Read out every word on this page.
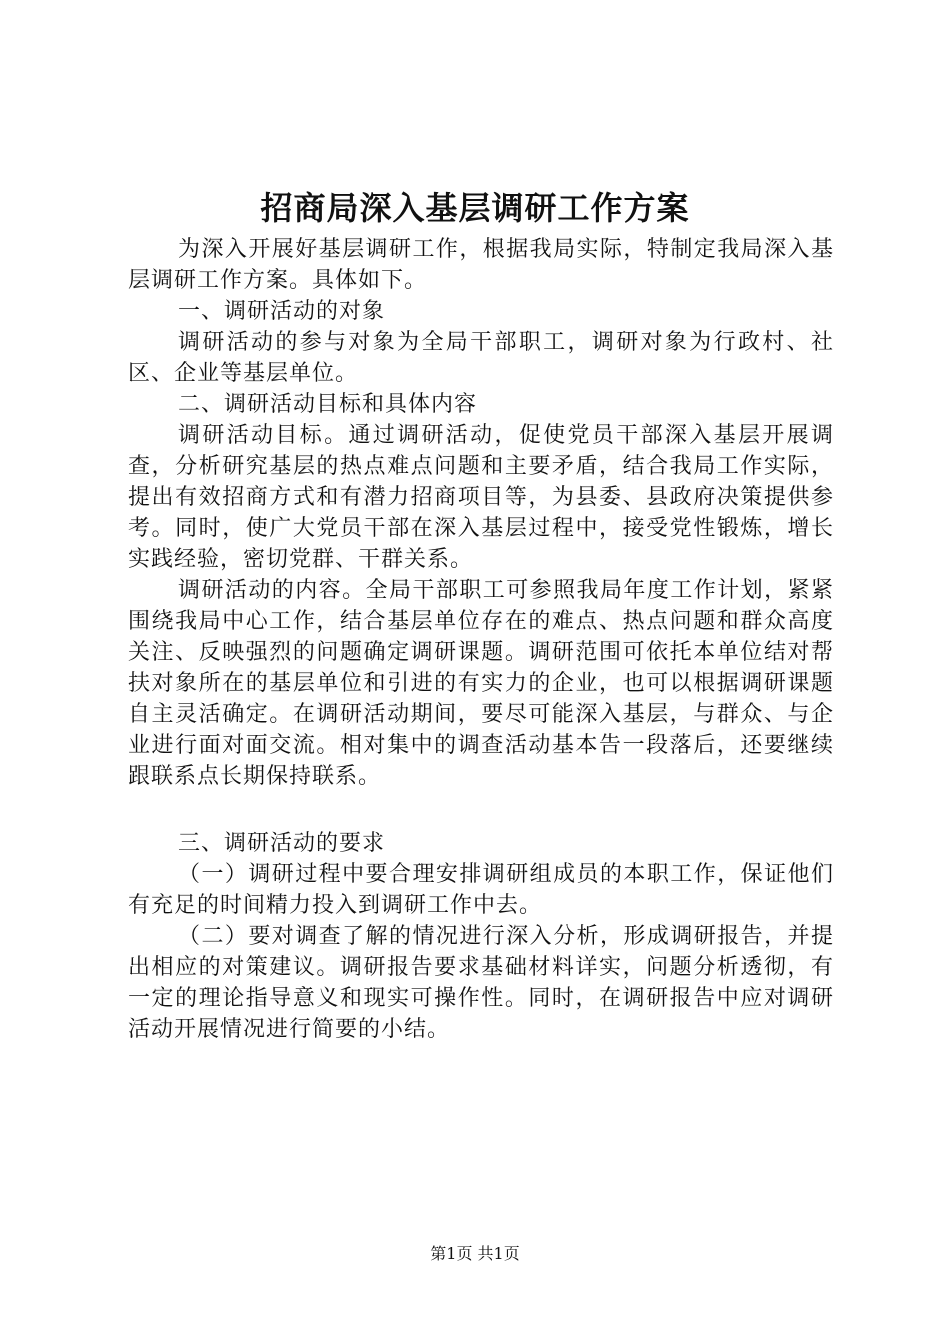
招商局深入基层调研工作方案

为深入开展好基层调研工作，根据我局实际，特制定我局深入基层调研工作方案。具体如下。

一、调研活动的对象

调研活动的参与对象为全局干部职工，调研对象为行政村、社区、企业等基层单位。

二、调研活动目标和具体内容

调研活动目标。通过调研活动，促使党员干部深入基层开展调查，分析研究基层的热点难点问题和主要矛盾，结合我局工作实际，提出有效招商方式和有潜力招商项目等，为县委、县政府决策提供参考。同时，使广大党员干部在深入基层过程中，接受党性锻炼，增长实践经验，密切党群、干群关系。

调研活动的内容。全局干部职工可参照我局年度工作计划，紧紧围绕我局中心工作，结合基层单位存在的难点、热点问题和群众高度关注、反映强烈的问题确定调研课题。调研范围可依托本单位结对帮扶对象所在的基层单位和引进的有实力的企业，也可以根据调研课题自主灵活确定。在调研活动期间，要尽可能深入基层，与群众、与企业进行面对面交流。相对集中的调查活动基本告一段落后，还要继续跟联系点长期保持联系。

三、调研活动的要求

（一）调研过程中要合理安排调研组成员的本职工作，保证他们有充足的时间精力投入到调研工作中去。

（二）要对调查了解的情况进行深入分析，形成调研报告，并提出相应的对策建议。调研报告要求基础材料详实，问题分析透彻，有一定的理论指导意义和现实可操作性。同时，在调研报告中应对调研活动开展情况进行简要的小结。

第1页 共1页
